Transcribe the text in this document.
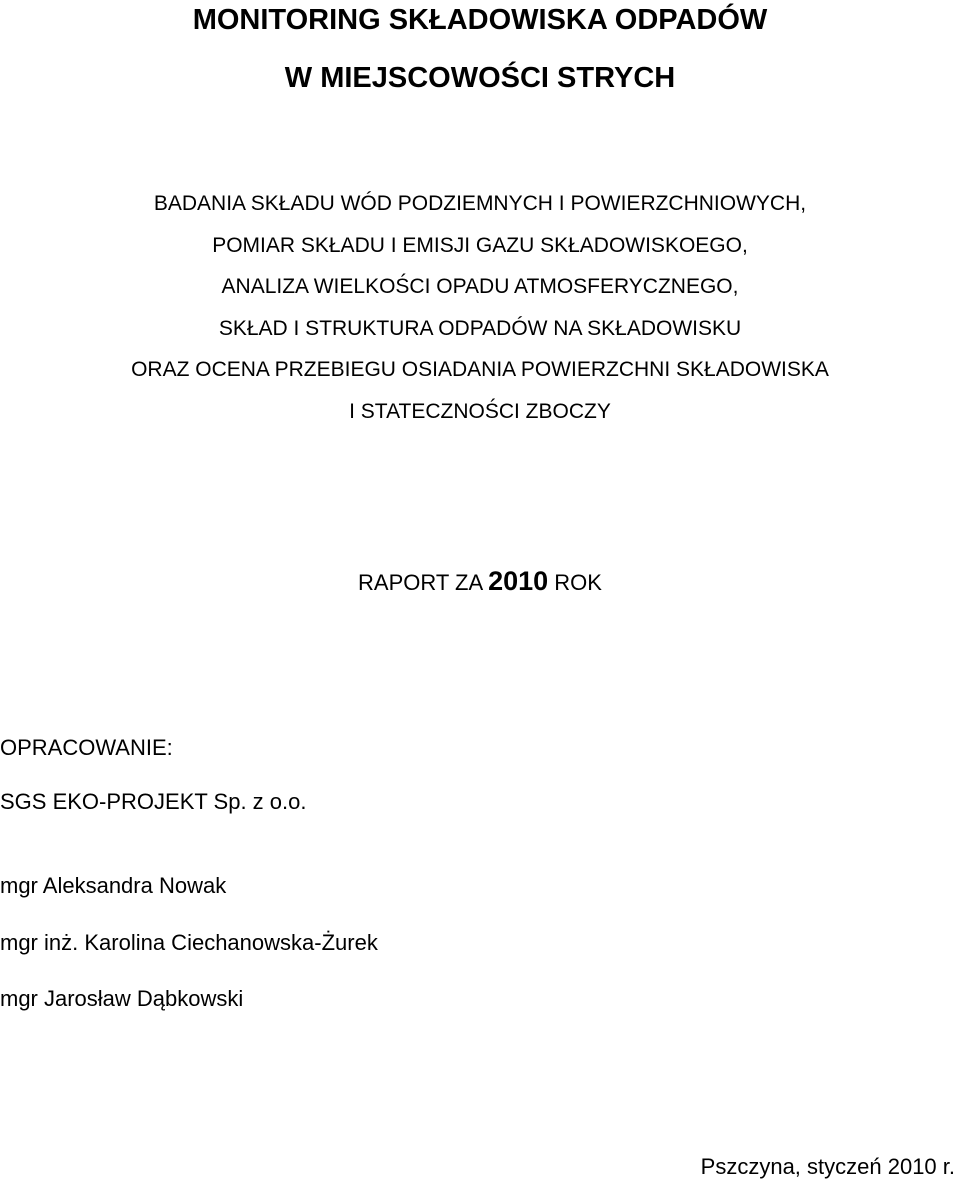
MONITORING SKŁADOWISKA ODPADÓW
W MIEJSCOWOŚCI STRYCH
BADANIA SKŁADU WÓD PODZIEMNYCH I POWIERZCHNIOWYCH,
POMIAR SKŁADU I EMISJI GAZU SKŁADOWISKOEGO,
ANALIZA WIELKOŚCI OPADU ATMOSFERYCZNEGO,
SKŁAD I STRUKTURA ODPADÓW NA SKŁADOWISKU
ORAZ OCENA PRZEBIEGU OSIADANIA POWIERZCHNI SKŁADOWISKA
I STATECZNOŚCI ZBOCZY
RAPORT ZA 2010 ROK
OPRACOWANIE:
SGS EKO-PROJEKT Sp. z o.o.
mgr Aleksandra Nowak
mgr inż. Karolina Ciechanowska-Żurek
mgr Jarosław Dąbkowski
Pszczyna, styczeń 2010 r.
